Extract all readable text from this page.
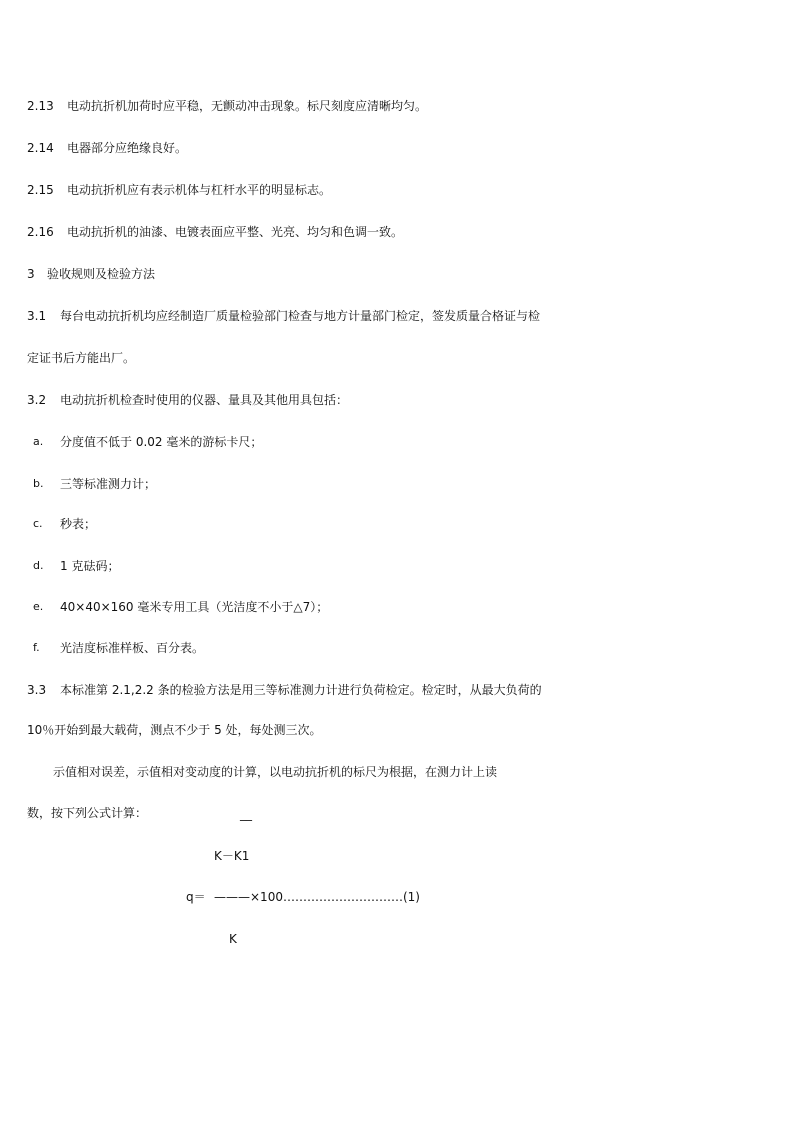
2.13 电动抗折机加荷时应平稳，无颤动冲击现象。标尺刻度应清晰均匀。
2.14 电器部分应绝缘良好。
2.15 电动抗折机应有表示机体与杠杆水平的明显标志。
2.16 电动抗折机的油漆、电镀表面应平整、光亮、均匀和色调一致。
3 验收规则及检验方法
3.1 每台电动抗折机均应经制造厂质量检验部门检查与地方计量部门检定，签发质量合格证与检
定证书后方能出厂。
3.2 电动抗折机检查时使用的仪器、量具及其他用具包括：
a. 分度值不低于 0.02 毫米的游标卡尺；
b. 三等标准测力计；
c. 秒表；
d. 1 克砝码；
e. 40×40×160 毫米专用工具（光洁度不小于△7）；
f. 光洁度标准样板、百分表。
3.3 本标准第 2.1,2.2 条的检验方法是用三等标准测力计进行负荷检定。检定时，从最大负荷的
10％开始到最大载荷，测点不少于 5 处，每处测三次。
示值相对误差，示值相对变动度的计算，以电动抗折机的标尺为根据，在测力计上读
数，按下列公式计算：	__
K－K1
q＝ ———×100…………………………(1)
K
